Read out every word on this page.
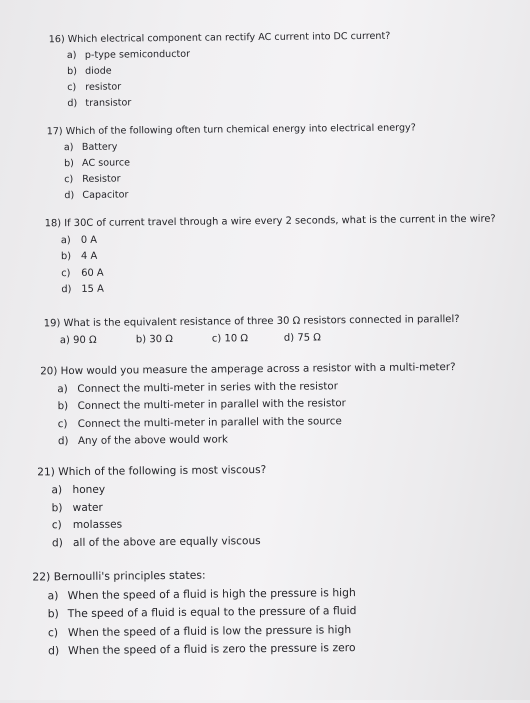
16) Which electrical component can rectify AC current into DC current?
a) p-type semiconductor
b) diode
c) resistor
d) transistor
17) Which of the following often turn chemical energy into electrical energy?
a) Battery
b) AC source
c) Resistor
d) Capacitor
18) If 30C of current travel through a wire every 2 seconds, what is the current in the wire?
a) 0 A
b) 4 A
c) 60 A
d) 15 A
19) What is the equivalent resistance of three 30 Ω resistors connected in parallel?
a) 90 Ω	b) 30 Ω	c) 10 Ω	d) 75 Ω
20) How would you measure the amperage across a resistor with a multi-meter?
a) Connect the multi-meter in series with the resistor
b) Connect the multi-meter in parallel with the resistor
c) Connect the multi-meter in parallel with the source
d) Any of the above would work
21) Which of the following is most viscous?
a) honey
b) water
c) molasses
d) all of the above are equally viscous
22) Bernoulli's principles states:
a) When the speed of a fluid is high the pressure is high
b) The speed of a fluid is equal to the pressure of a fluid
c) When the speed of a fluid is low the pressure is high
d) When the speed of a fluid is zero the pressure is zero
